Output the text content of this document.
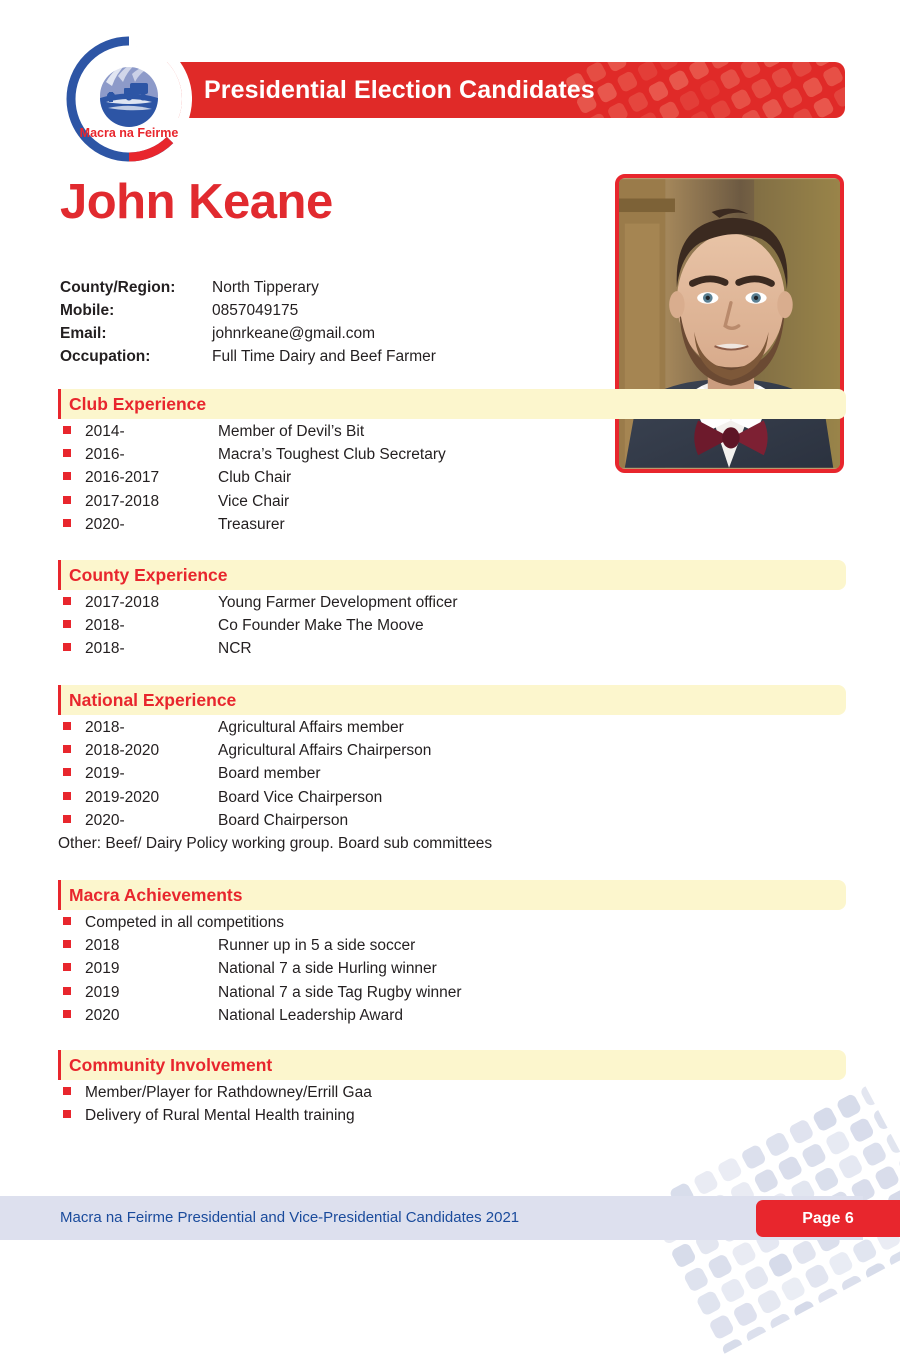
Presidential Election Candidates
Macra na Feirme
John Keane
County/Region:	North Tipperary
Mobile:	0857049175
Email:	johnrkeane@gmail.com
Occupation:	Full Time Dairy and Beef Farmer
Club Experience
2014-	Member of Devil’s Bit
2016-	Macra’s Toughest Club Secretary
2016-2017	Club Chair
2017-2018	Vice Chair
2020-	Treasurer
County Experience
2017-2018	Young Farmer Development officer
2018-	Co Founder Make The Moove
2018-	NCR
National Experience
2018-	Agricultural Affairs member
2018-2020	Agricultural Affairs Chairperson
2019-	Board member
2019-2020	Board Vice Chairperson
2020-	Board Chairperson
Other: Beef/ Dairy Policy working group. Board sub committees
Macra Achievements
Competed in all competitions
2018	Runner up in 5 a side soccer
2019	National 7 a side Hurling winner
2019	National 7 a side Tag Rugby winner
2020	National Leadership Award
Community Involvement
Member/Player for Rathdowney/Errill Gaa
Delivery of Rural Mental Health training
Macra na Feirme Presidential and Vice-Presidential Candidates 2021	Page 6
